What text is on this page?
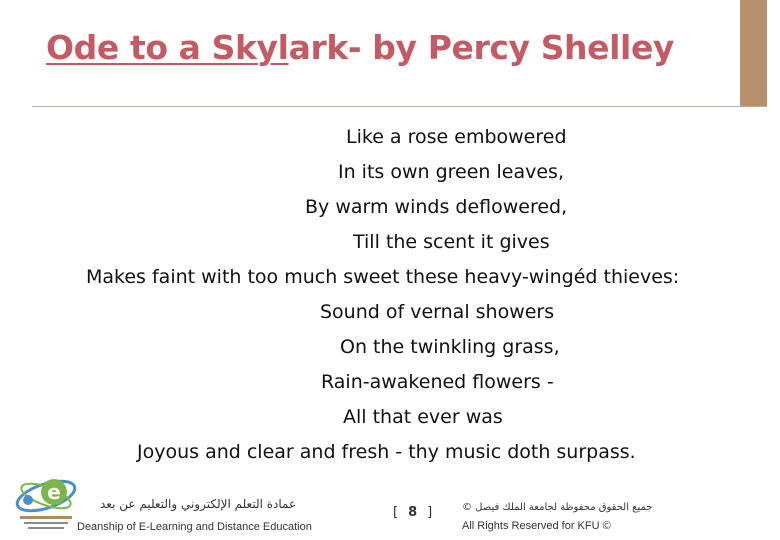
Ode to a Skylark- by Percy Shelley
Like a rose embowered
In its own green leaves,
By warm winds deflowered,
Till the scent it gives
Makes faint with too much sweet these heavy-wingéd thieves:
Sound of vernal showers
On the twinkling grass,
Rain-awakened flowers -
All that ever was
Joyous and clear and fresh - thy music doth surpass.
e	عمادة التعلم الإلكتروني والتعليم عن بعد
Deanship of E-Learning and Distance Education
[ 8 ]	جميع الحقوق محفوظة لجامعة الملك فيصل ©
All Rights Reserved for KFU ©
